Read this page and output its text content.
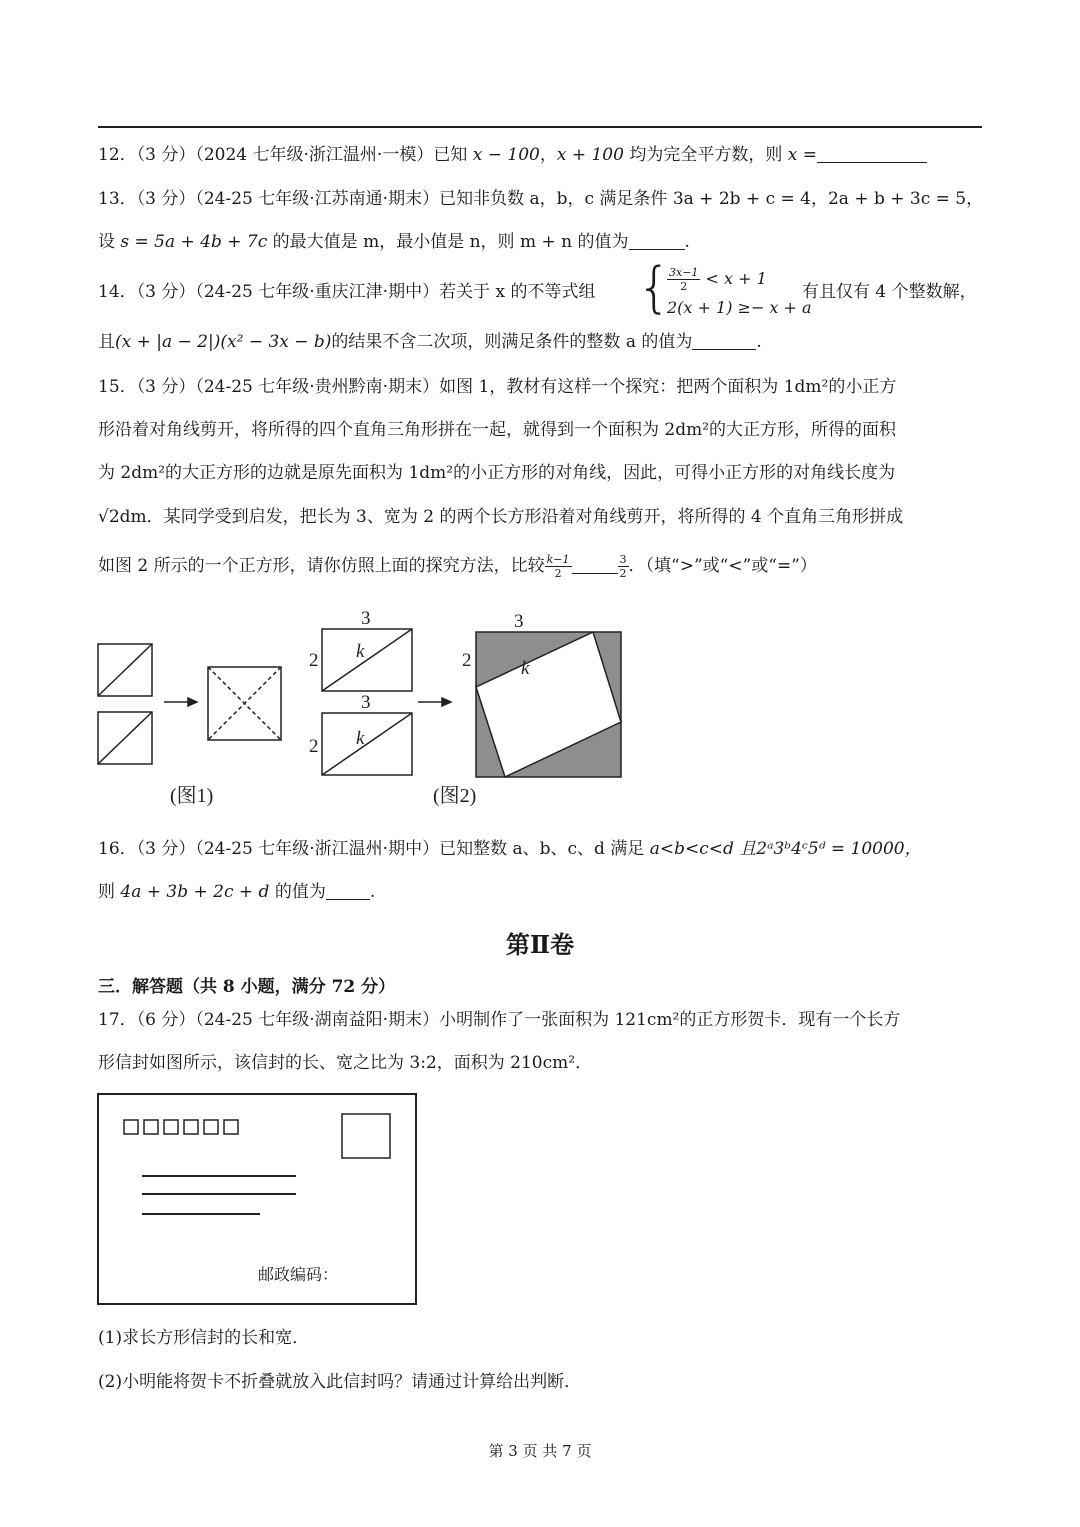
12．（3 分）（2024 七年级·浙江温州·一模）已知 x − 100，x + 100 均为完全平方数，则 x =
13．（3 分）（24-25 七年级·江苏南通·期末）已知非负数 a，b，c 满足条件 3a + 2b + c = 4，2a + b + 3c = 5，
设 s = 5a + 4b + 7c 的最大值是 m，最小值是 n，则 m + n 的值为	.
14．（3 分）（24-25 七年级·重庆江津·期中）若关于 x 的不等式组 {
$\frac{3x-1}{2} < x + 1$
2(x + 1) ≥− x + a
有且仅有 4 个整数解，
且(x + |a − 2|)(x² − 3x − b)的结果不含二次项，则满足条件的整数 a 的值为	.
15．（3 分）（24-25 七年级·贵州黔南·期末）如图 1，教材有这样一个探究：把两个面积为 1dm²的小正方
形沿着对角线剪开，将所得的四个直角三角形拼在一起，就得到一个面积为 2dm²的大正方形，所得的面积
为 2dm²的大正方形的边就是原先面积为 1dm²的小正方形的对角线，因此，可得小正方形的对角线长度为
√2dm．某同学受到启发，把长为 3、宽为 2 的两个长方形沿着对角线剪开，将所得的 4 个直角三角形拼成
如图 2 所示的一个正方形，请你仿照上面的探究方法，比较 $\frac{k-1}{2}$	$\frac{3}{2}$ ．（填“>”或“<”或“=”）
3
2 k
3
2 k
3
2	k
(图1)	(图2)
16．（3 分）（24-25 七年级·浙江温州·期中）已知整数 a、b、c、d 满足 a<b<c<d 且2ᵃ3ᵇ4ᶜ5ᵈ = 10000，
则 4a + 3b + 2c + d 的值为	.
第Ⅱ卷
三．解答题（共 8 小题，满分 72 分）
17．（6 分）（24-25 七年级·湖南益阳·期末）小明制作了一张面积为 121cm²的正方形贺卡．现有一个长方
形信封如图所示，该信封的长、宽之比为 3:2，面积为 210cm²．
邮政编码：
(1)求长方形信封的长和宽．
(2)小明能将贺卡不折叠就放入此信封吗？请通过计算给出判断．
第 3 页 共 7 页
